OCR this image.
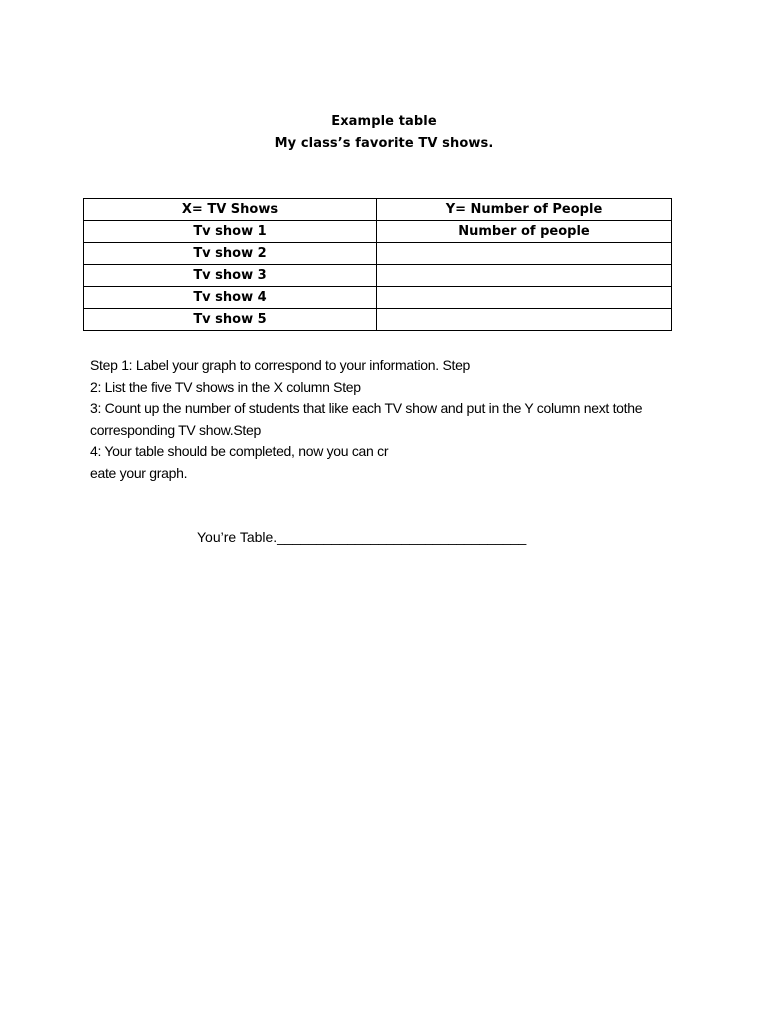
Example table
My class’s favorite TV shows.
X= TV Shows	Y= Number of People
Tv show 1	Number of people
Tv show 2	
Tv show 3	
Tv show 4	
Tv show 5	
Step 1: Label your graph to correspond to your information. Step
2: List the five TV shows in the X column Step
3: Count up the number of students that like each TV show and put in the Y column next tothe
corresponding TV show.Step
4: Your table should be completed, now you can cr
eate your graph.
You’re Table.________________________________
